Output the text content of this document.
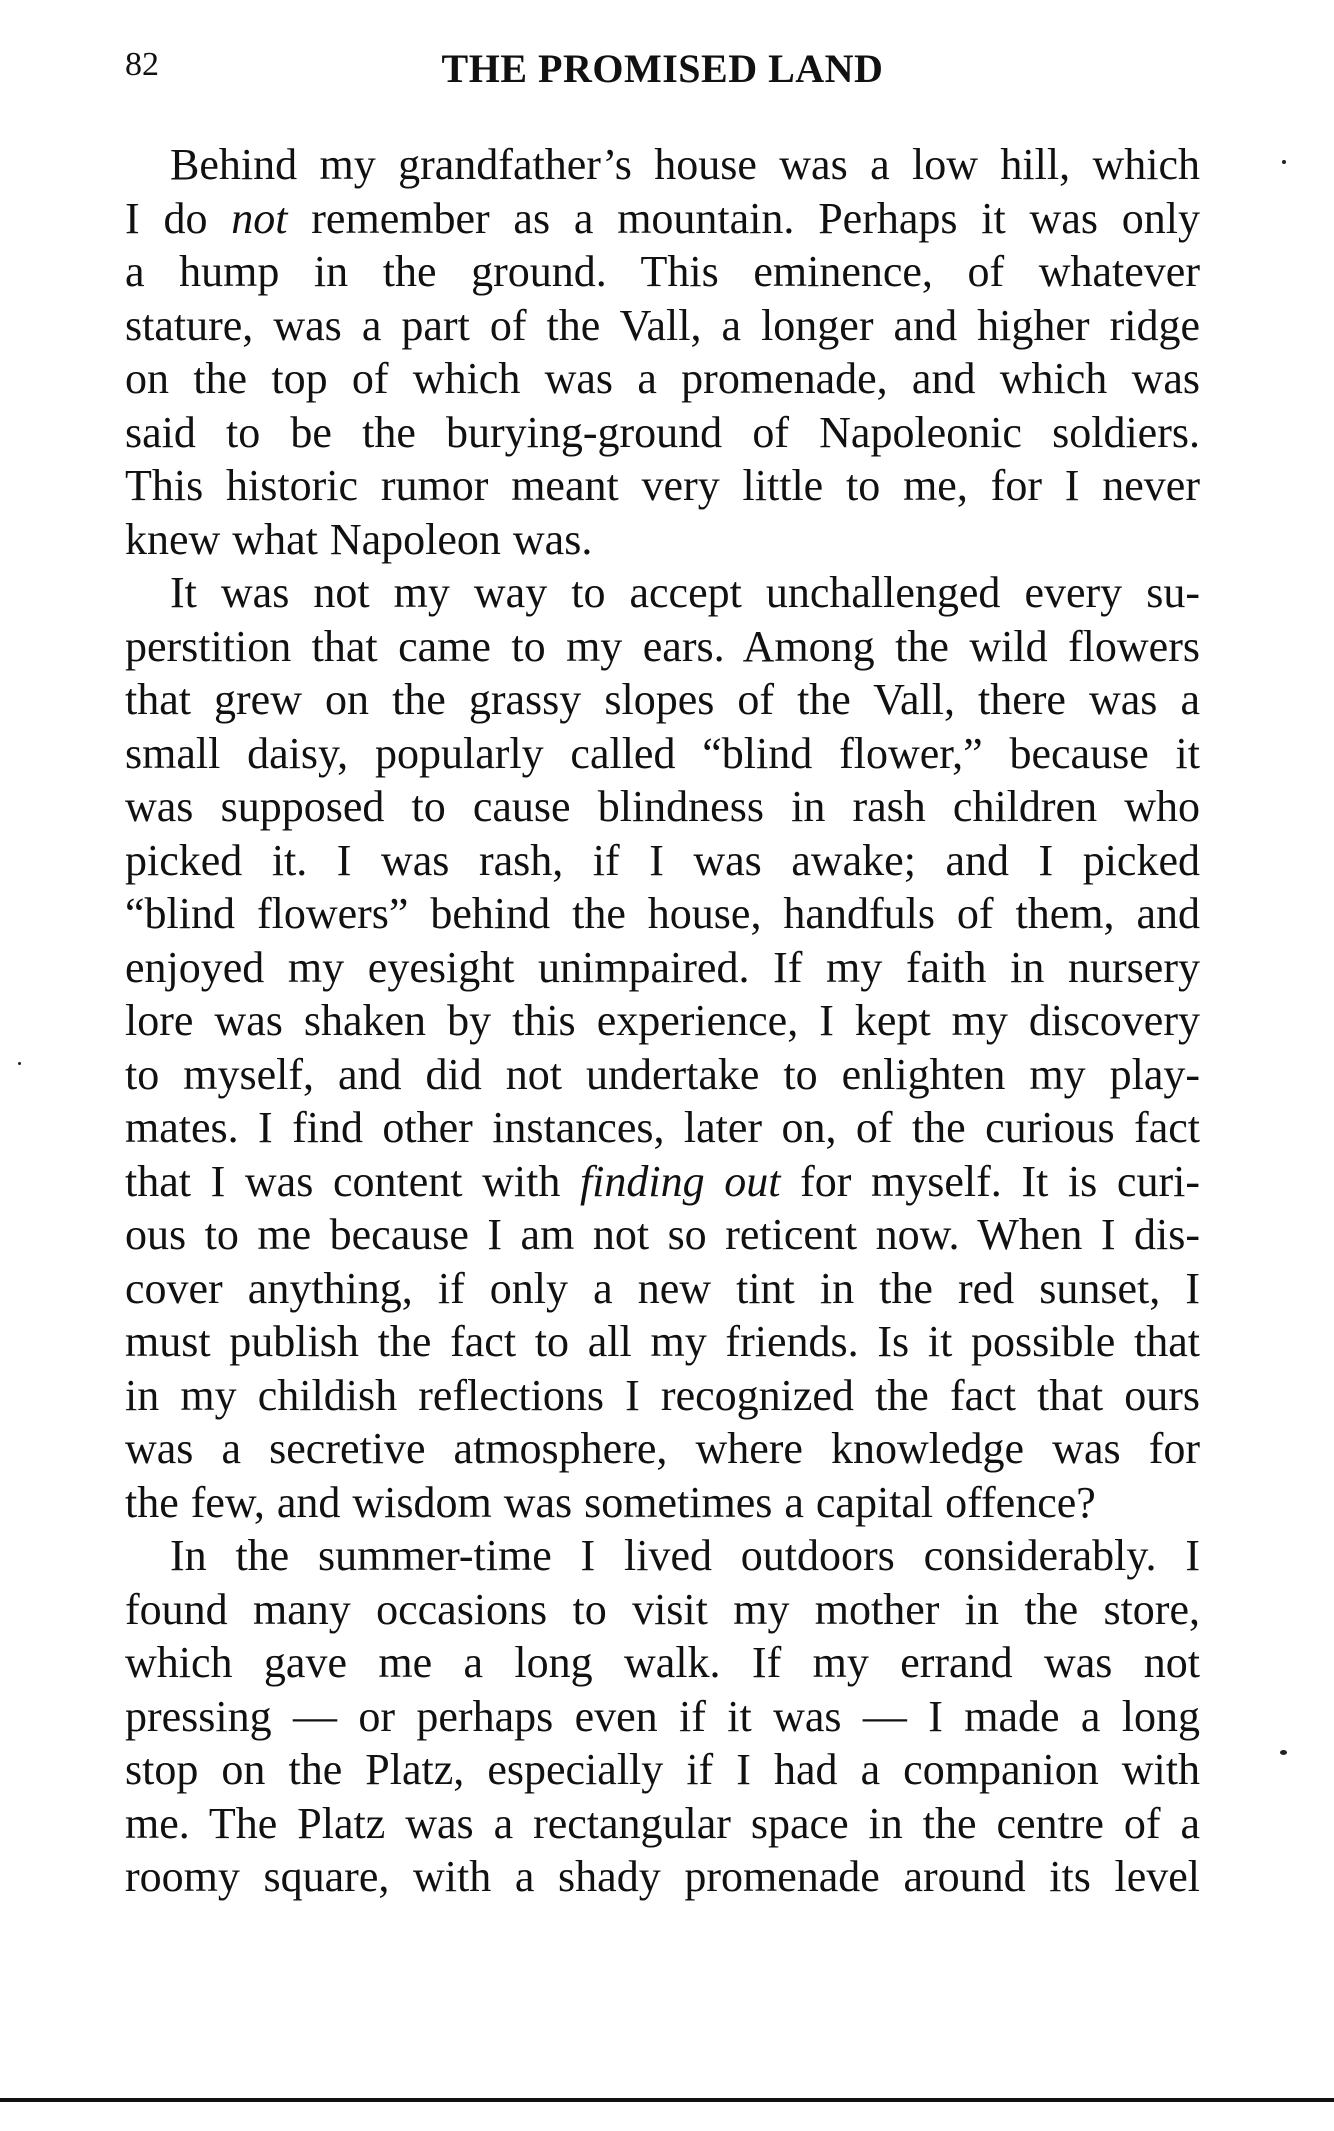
82	THE PROMISED LAND
Behind my grandfather’s house was a low hill, which
I do not remember as a mountain. Perhaps it was only
a hump in the ground. This eminence, of whatever
stature, was a part of the Vall, a longer and higher ridge
on the top of which was a promenade, and which was
said to be the burying-ground of Napoleonic soldiers.
This historic rumor meant very little to me, for I never
knew what Napoleon was.
It was not my way to accept unchallenged every su-
perstition that came to my ears. Among the wild flowers
that grew on the grassy slopes of the Vall, there was a
small daisy, popularly called “blind flower,” because it
was supposed to cause blindness in rash children who
picked it. I was rash, if I was awake; and I picked
“blind flowers” behind the house, handfuls of them, and
enjoyed my eyesight unimpaired. If my faith in nursery
lore was shaken by this experience, I kept my discovery
to myself, and did not undertake to enlighten my play-
mates. I find other instances, later on, of the curious fact
that I was content with finding out for myself. It is curi-
ous to me because I am not so reticent now. When I dis-
cover anything, if only a new tint in the red sunset, I
must publish the fact to all my friends. Is it possible that
in my childish reflections I recognized the fact that ours
was a secretive atmosphere, where knowledge was for
the few, and wisdom was sometimes a capital offence?
In the summer-time I lived outdoors considerably. I
found many occasions to visit my mother in the store,
which gave me a long walk. If my errand was not
pressing — or perhaps even if it was — I made a long
stop on the Platz, especially if I had a companion with
me. The Platz was a rectangular space in the centre of a
roomy square, with a shady promenade around its level
